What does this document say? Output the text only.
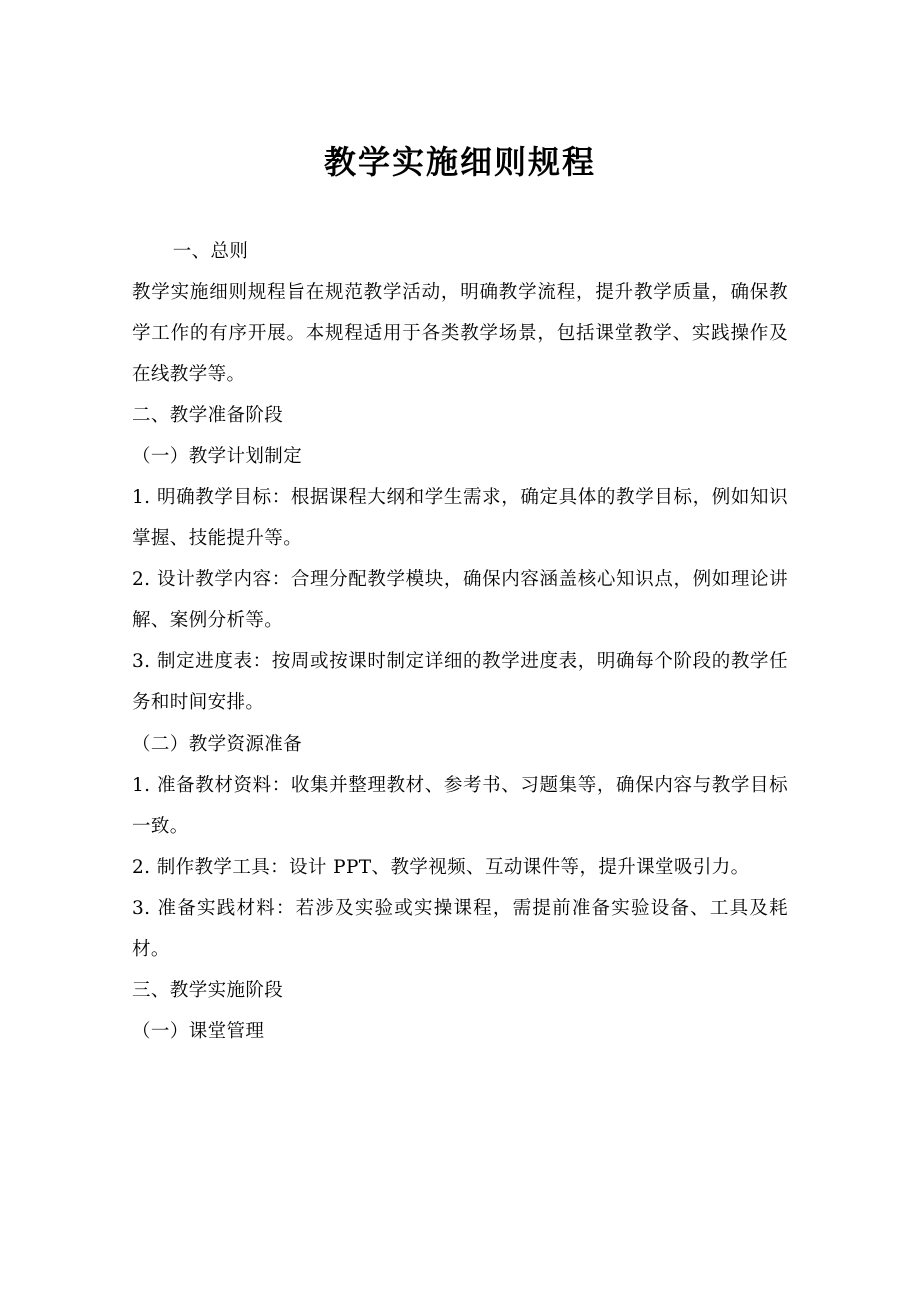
教学实施细则规程

一、总则

教学实施细则规程旨在规范教学活动，明确教学流程，提升教学质量，确保教学工作的有序开展。本规程适用于各类教学场景，包括课堂教学、实践操作及在线教学等。

二、教学准备阶段

（一）教学计划制定

1. 明确教学目标：根据课程大纲和学生需求，确定具体的教学目标，例如知识掌握、技能提升等。

2. 设计教学内容：合理分配教学模块，确保内容涵盖核心知识点，例如理论讲解、案例分析等。

3. 制定进度表：按周或按课时制定详细的教学进度表，明确每个阶段的教学任务和时间安排。

（二）教学资源准备

1. 准备教材资料：收集并整理教材、参考书、习题集等，确保内容与教学目标一致。

2. 制作教学工具：设计 PPT、教学视频、互动课件等，提升课堂吸引力。

3. 准备实践材料：若涉及实验或实操课程，需提前准备实验设备、工具及耗材。

三、教学实施阶段

（一）课堂管理
